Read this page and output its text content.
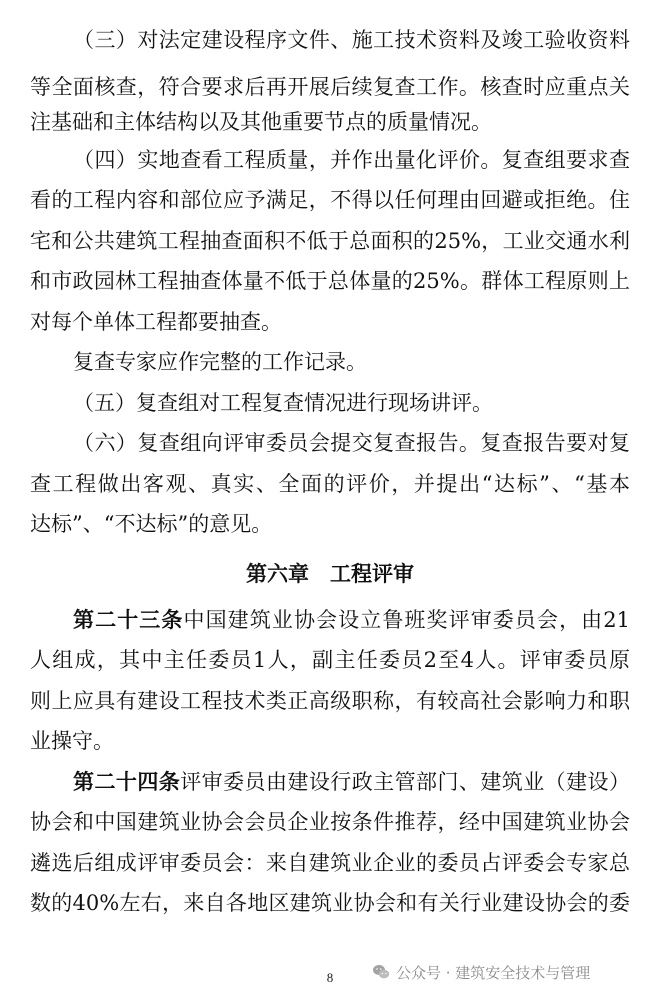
（三）对法定建设程序文件、施工技术资料及竣工验收资料
等全面核查，符合要求后再开展后续复查工作。核查时应重点关
注基础和主体结构以及其他重要节点的质量情况。
（四）实地查看工程质量，并作出量化评价。复查组要求查
看的工程内容和部位应予满足，不得以任何理由回避或拒绝。住
宅和公共建筑工程抽查面积不低于总面积的25%，工业交通水利
和市政园林工程抽查体量不低于总体量的25%。群体工程原则上
对每个单体工程都要抽查。
复查专家应作完整的工作记录。
（五）复查组对工程复查情况进行现场讲评。
（六）复查组向评审委员会提交复查报告。复查报告要对复
查工程做出客观、真实、全面的评价，并提出“达标”、“基本
达标”、“不达标”的意见。
第六章　工程评审
第二十三条中国建筑业协会设立鲁班奖评审委员会，由21
人组成，其中主任委员1人，副主任委员2至4人。评审委员原
则上应具有建设工程技术类正高级职称，有较高社会影响力和职
业操守。
第二十四条评审委员由建设行政主管部门、建筑业（建设）
协会和中国建筑业协会会员企业按条件推荐，经中国建筑业协会
遴选后组成评审委员会：来自建筑业企业的委员占评委会专家总
数的40%左右，来自各地区建筑业协会和有关行业建设协会的委
8	公众号 · 建筑安全技术与管理
